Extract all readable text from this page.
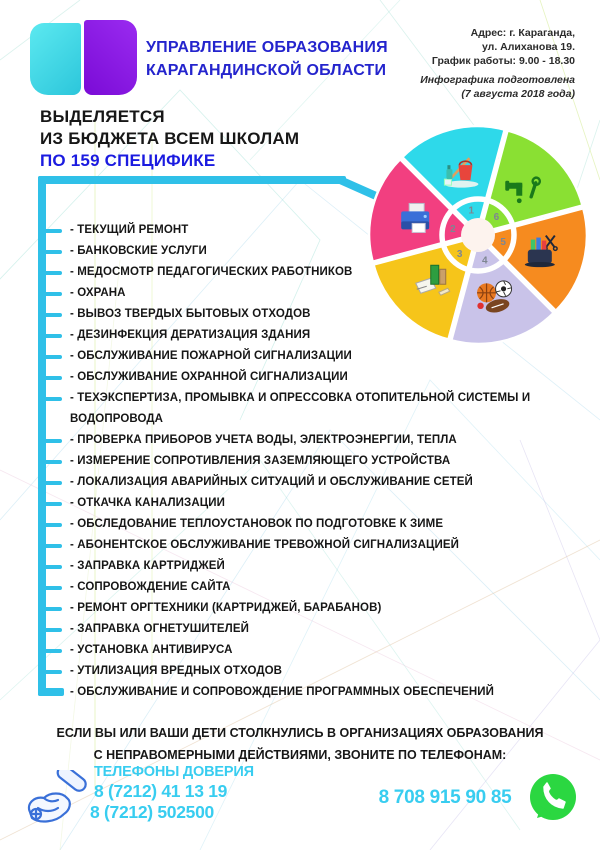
УПРАВЛЕНИЕ ОБРАЗОВАНИЯ
КАРАГАНДИНСКОЙ ОБЛАСТИ
Адрес: г. Караганда,
ул. Алиханова 19.
График работы: 9.00 - 18.30
Инфографика подготовлена
(7 августа 2018 года)
ВЫДЕЛЯЕТСЯ
ИЗ БЮДЖЕТА ВСЕМ ШКОЛАМ
ПО 159 СПЕЦИФИКЕ
- ТЕКУЩИЙ РЕМОНТ
- БАНКОВСКИЕ УСЛУГИ
- МЕДОСМОТР ПЕДАГОГИЧЕСКИХ РАБОТНИКОВ
- ОХРАНА
- ВЫВОЗ ТВЕРДЫХ БЫТОВЫХ ОТХОДОВ
- ДЕЗИНФЕКЦИЯ ДЕРАТИЗАЦИЯ ЗДАНИЯ
- ОБСЛУЖИВАНИЕ ПОЖАРНОЙ СИГНАЛИЗАЦИИ
- ОБСЛУЖИВАНИЕ ОХРАННОЙ СИГНАЛИЗАЦИИ
- ТЕХЭКСПЕРТИЗА, ПРОМЫВКА И ОПРЕССОВКА ОТОПИТЕЛЬНОЙ СИСТЕМЫ И ВОДОПРОВОДА
- ПРОВЕРКА ПРИБОРОВ УЧЕТА ВОДЫ, ЭЛЕКТРОЭНЕРГИИ, ТЕПЛА
- ИЗМЕРЕНИЕ СОПРОТИВЛЕНИЯ ЗАЗЕМЛЯЮЩЕГО УСТРОЙСТВА
- ЛОКАЛИЗАЦИЯ АВАРИЙНЫХ СИТУАЦИЙ И ОБСЛУЖИВАНИЕ СЕТЕЙ
- ОТКАЧКА КАНАЛИЗАЦИИ
- ОБСЛЕДОВАНИЕ ТЕПЛОУСТАНОВОК ПО ПОДГОТОВКЕ К ЗИМЕ
- АБОНЕНТСКОЕ ОБСЛУЖИВАНИЕ ТРЕВОЖНОЙ СИГНАЛИЗАЦИЕЙ
- ЗАПРАВКА КАРТРИДЖЕЙ
- СОПРОВОЖДЕНИЕ САЙТА
- РЕМОНТ ОРГТЕХНИКИ (КАРТРИДЖЕЙ, БАРАБАНОВ)
- ЗАПРАВКА ОГНЕТУШИТЕЛЕЙ
- УСТАНОВКА АНТИВИРУСА
- УТИЛИЗАЦИЯ ВРЕДНЫХ ОТХОДОВ
- ОБСЛУЖИВАНИЕ И СОПРОВОЖДЕНИЕ ПРОГРАММНЫХ ОБЕСПЕЧЕНИЙ
1
6
5
4
3
2
ЕСЛИ ВЫ ИЛИ ВАШИ ДЕТИ СТОЛКНУЛИСЬ В ОРГАНИЗАЦИЯХ ОБРАЗОВАНИЯ
С НЕПРАВОМЕРНЫМИ ДЕЙСТВИЯМИ, ЗВОНИТЕ ПО ТЕЛЕФОНАМ:
ТЕЛЕФОНЫ ДОВЕРИЯ
8 (7212) 41 13 19
8 (7212) 502500
8 708 915 90 85
